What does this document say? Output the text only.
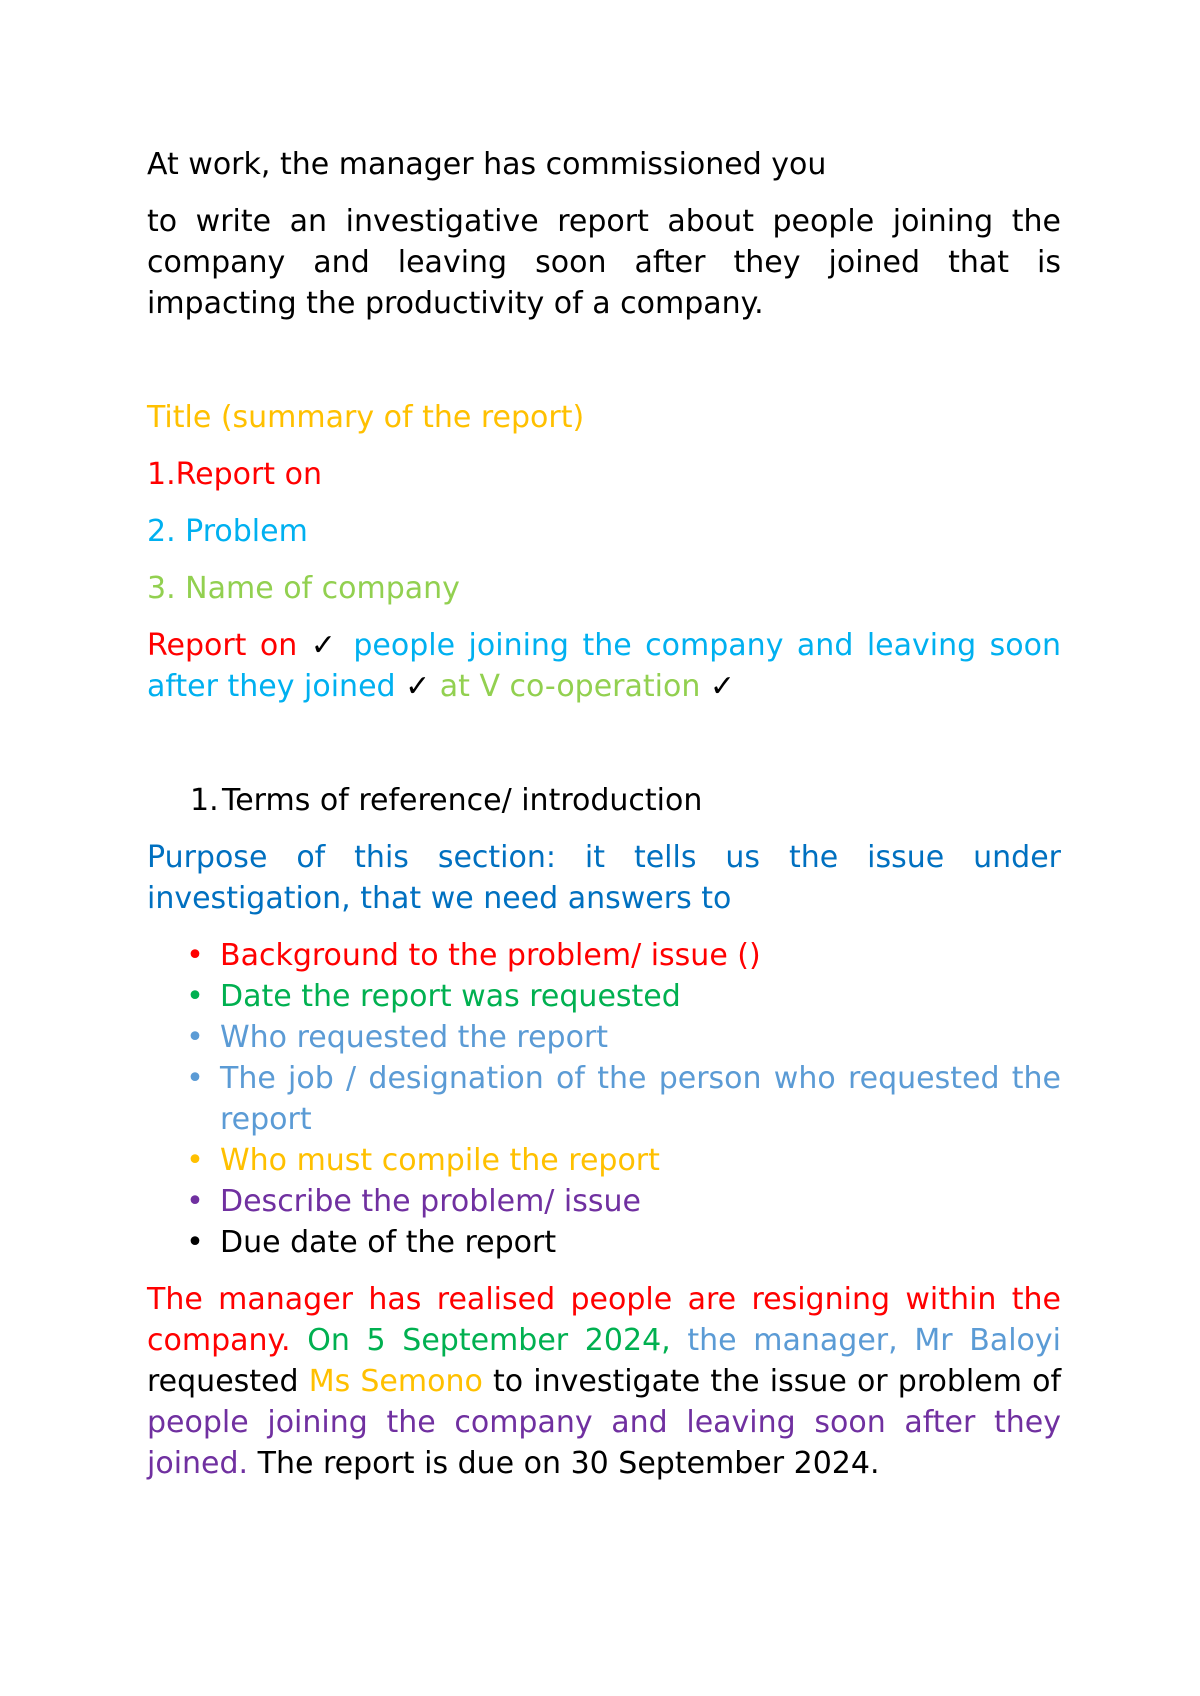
At work, the manager has commissioned you

to write an investigative report about people joining the company and leaving soon after they joined that is impacting the productivity of a company.

Title (summary of the report)

1.Report on

2. Problem

3. Name of company

Report on ✓ people joining the company and leaving soon after they joined ✓ at V co-operation ✓

1. Terms of reference/ introduction

Purpose of this section: it tells us the issue under investigation, that we need answers to

• Background to the problem/ issue ()
• Date the report was requested
• Who requested the report
• The job / designation of the person who requested the report
• Who must compile the report
• Describe the problem/ issue
• Due date of the report

The manager has realised people are resigning within the company. On 5 September 2024, the manager, Mr Baloyi requested Ms Semono to investigate the issue or problem of people joining the company and leaving soon after they joined. The report is due on 30 September 2024.
